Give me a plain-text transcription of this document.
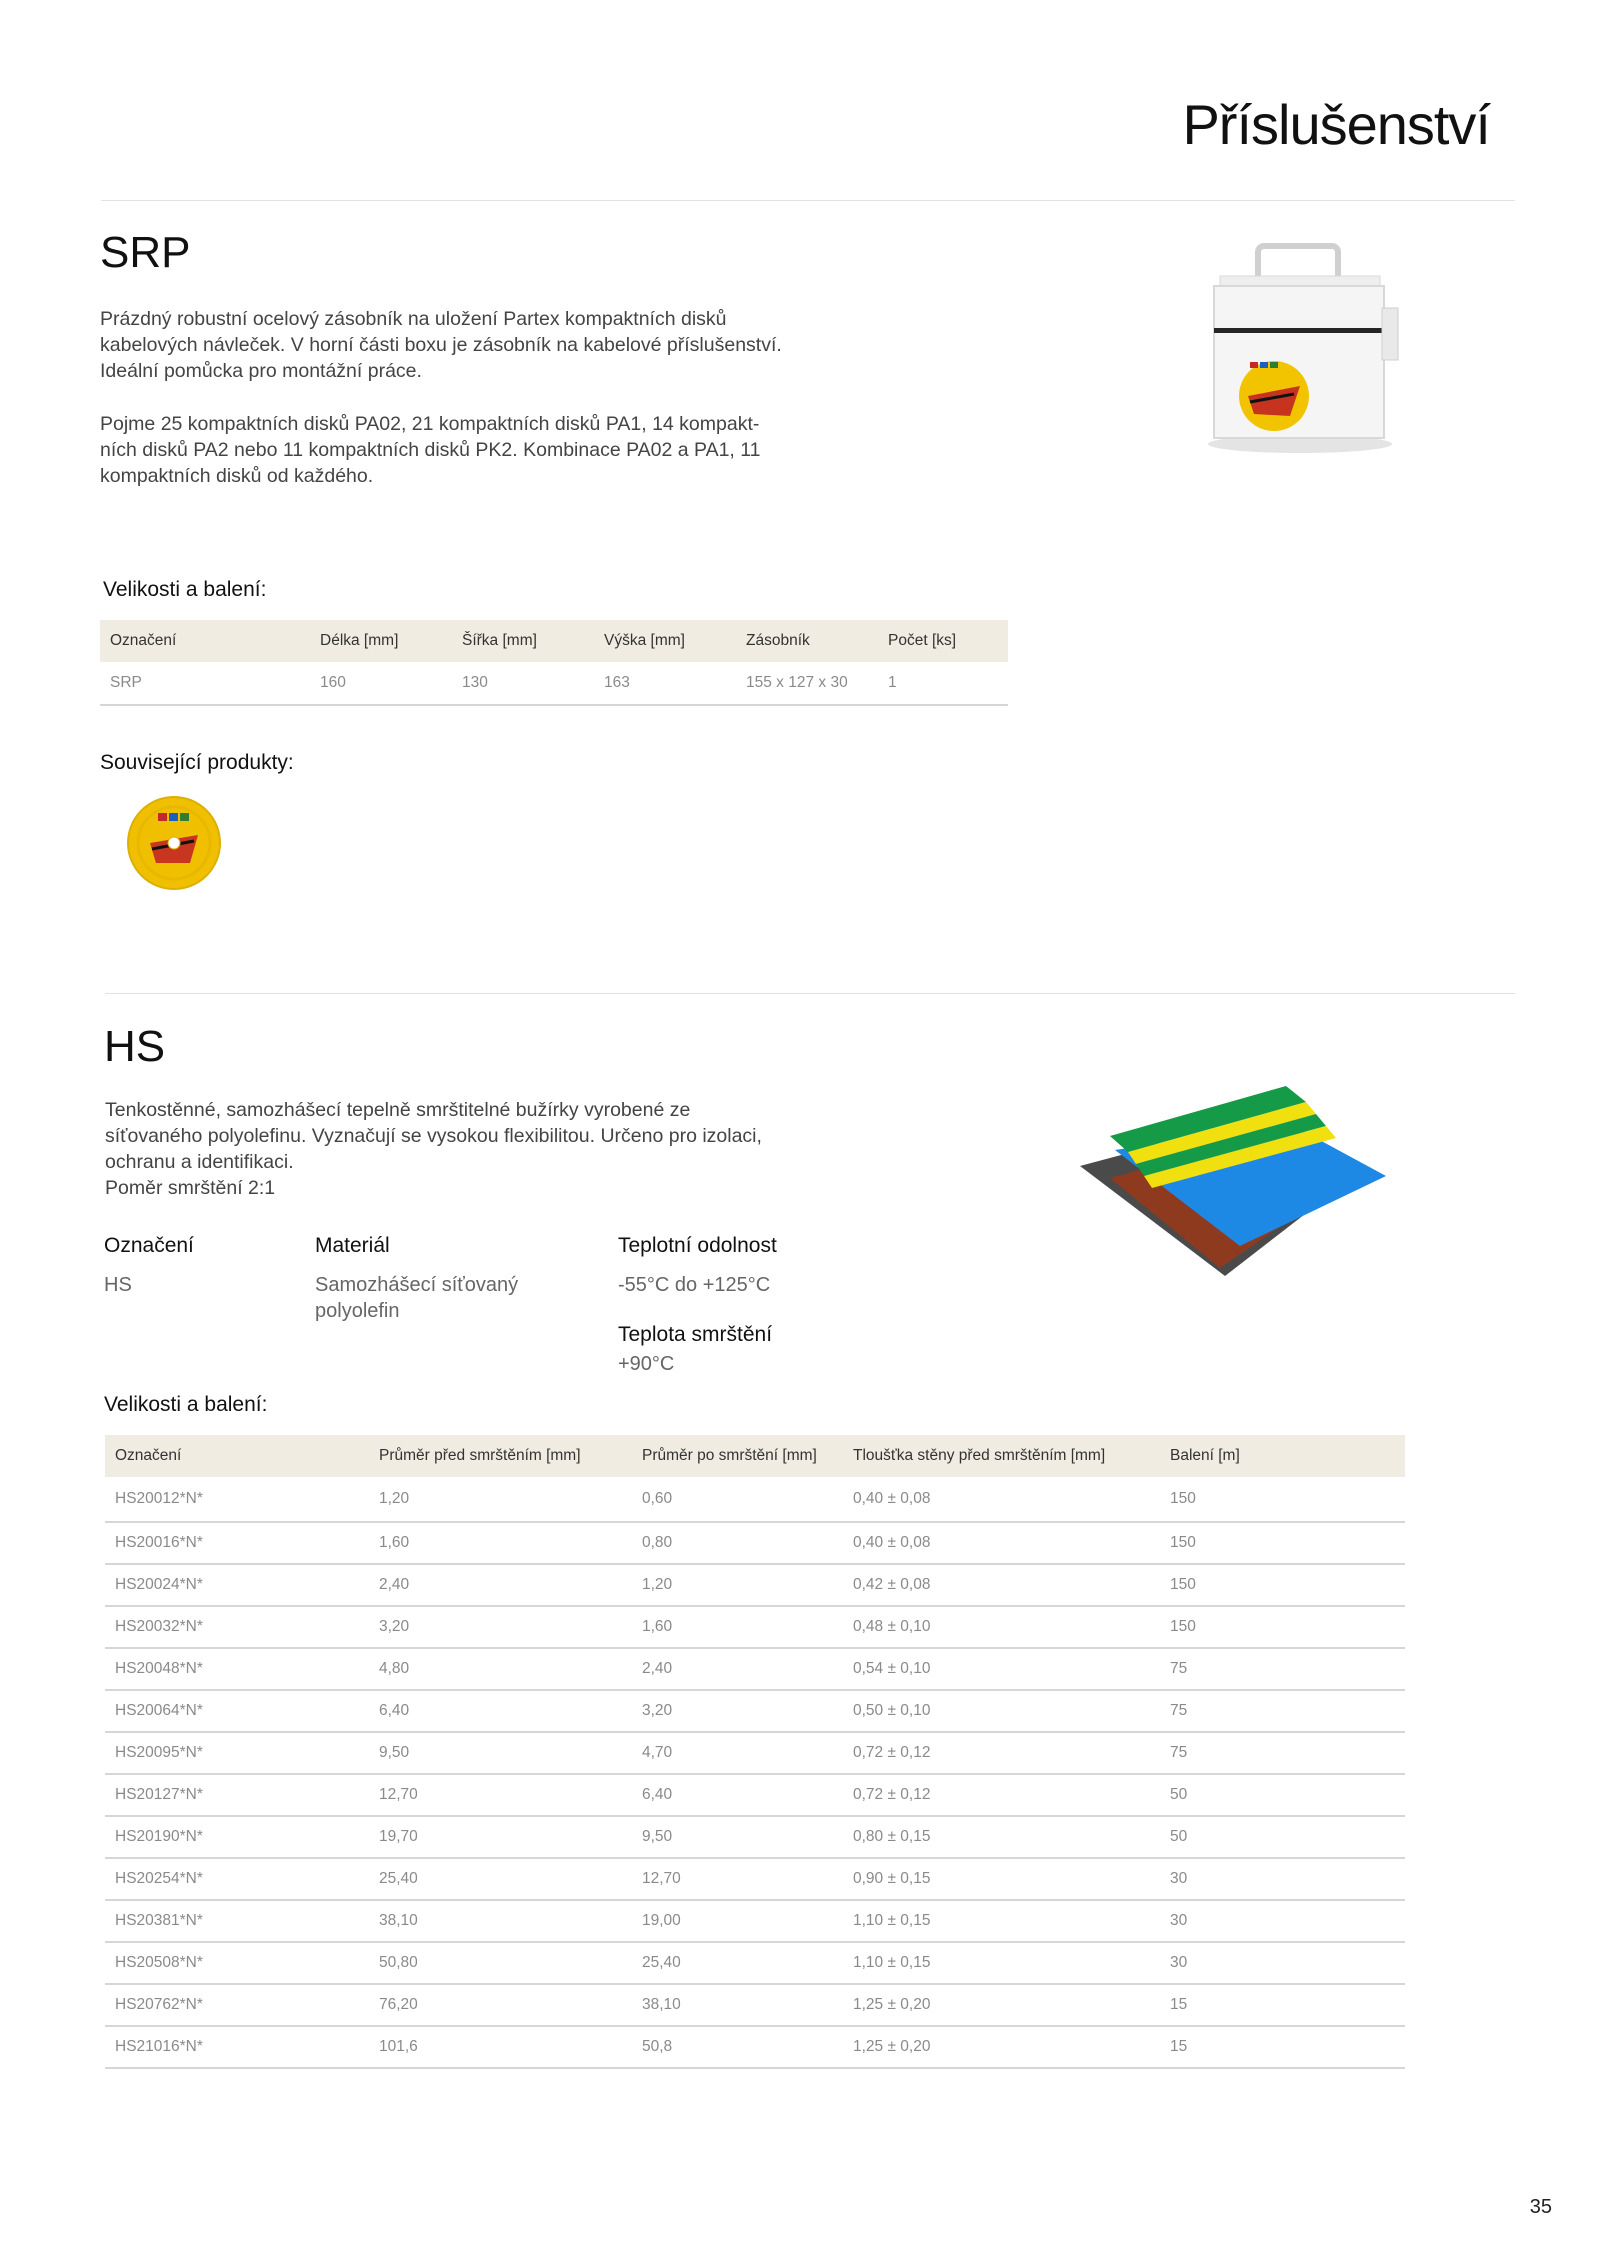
Příslušenství
SRP

Prázdný robustní ocelový zásobník na uložení Partex kompaktních disků
kabelových návleček. V horní části boxu je zásobník na kabelové příslušenství.
Ideální pomůcka pro montážní práce.

Pojme 25 kompaktních disků PA02, 21 kompaktních disků PA1, 14 kompakt-
ních disků PA2 nebo 11 kompaktních disků PK2. Kombinace PA02 a PA1, 11
kompaktních disků od každého.

Velikosti a balení:
Označení	Délka [mm]	Šířka [mm]	Výška [mm]	Zásobník	Počet [ks]
SRP	160	130	163	155 x 127 x 30	1
Související produkty:
HS

Tenkostěnné, samozhášecí tepelně smrštitelné bužírky vyrobené ze
síťovaného polyolefinu. Vyznačují se vysokou flexibilitou. Určeno pro izolaci,
ochranu a identifikaci.
Poměr smrštění 2:1

Označení
HS
Materiál
Samozhášecí síťovaný
polyolefin
Teplotní odolnost
-55°C do +125°C
Teplota smrštění
+90°C
Velikosti a balení:
Označení	Průměr před smrštěním [mm]	Průměr po smrštění [mm]	Tloušťka stěny před smrštěním [mm]	Balení [m]
HS20012*N*	1,20	0,60	0,40 ± 0,08	150
HS20016*N*	1,60	0,80	0,40 ± 0,08	150
HS20024*N*	2,40	1,20	0,42 ± 0,08	150
HS20032*N*	3,20	1,60	0,48 ± 0,10	150
HS20048*N*	4,80	2,40	0,54 ± 0,10	75
HS20064*N*	6,40	3,20	0,50 ± 0,10	75
HS20095*N*	9,50	4,70	0,72 ± 0,12	75
HS20127*N*	12,70	6,40	0,72 ± 0,12	50
HS20190*N*	19,70	9,50	0,80 ± 0,15	50
HS20254*N*	25,40	12,70	0,90 ± 0,15	30
HS20381*N*	38,10	19,00	1,10 ± 0,15	30
HS20508*N*	50,80	25,40	1,10 ± 0,15	30
HS20762*N*	76,20	38,10	1,25 ± 0,20	15
HS21016*N*	101,6	50,8	1,25 ± 0,20	15
35
